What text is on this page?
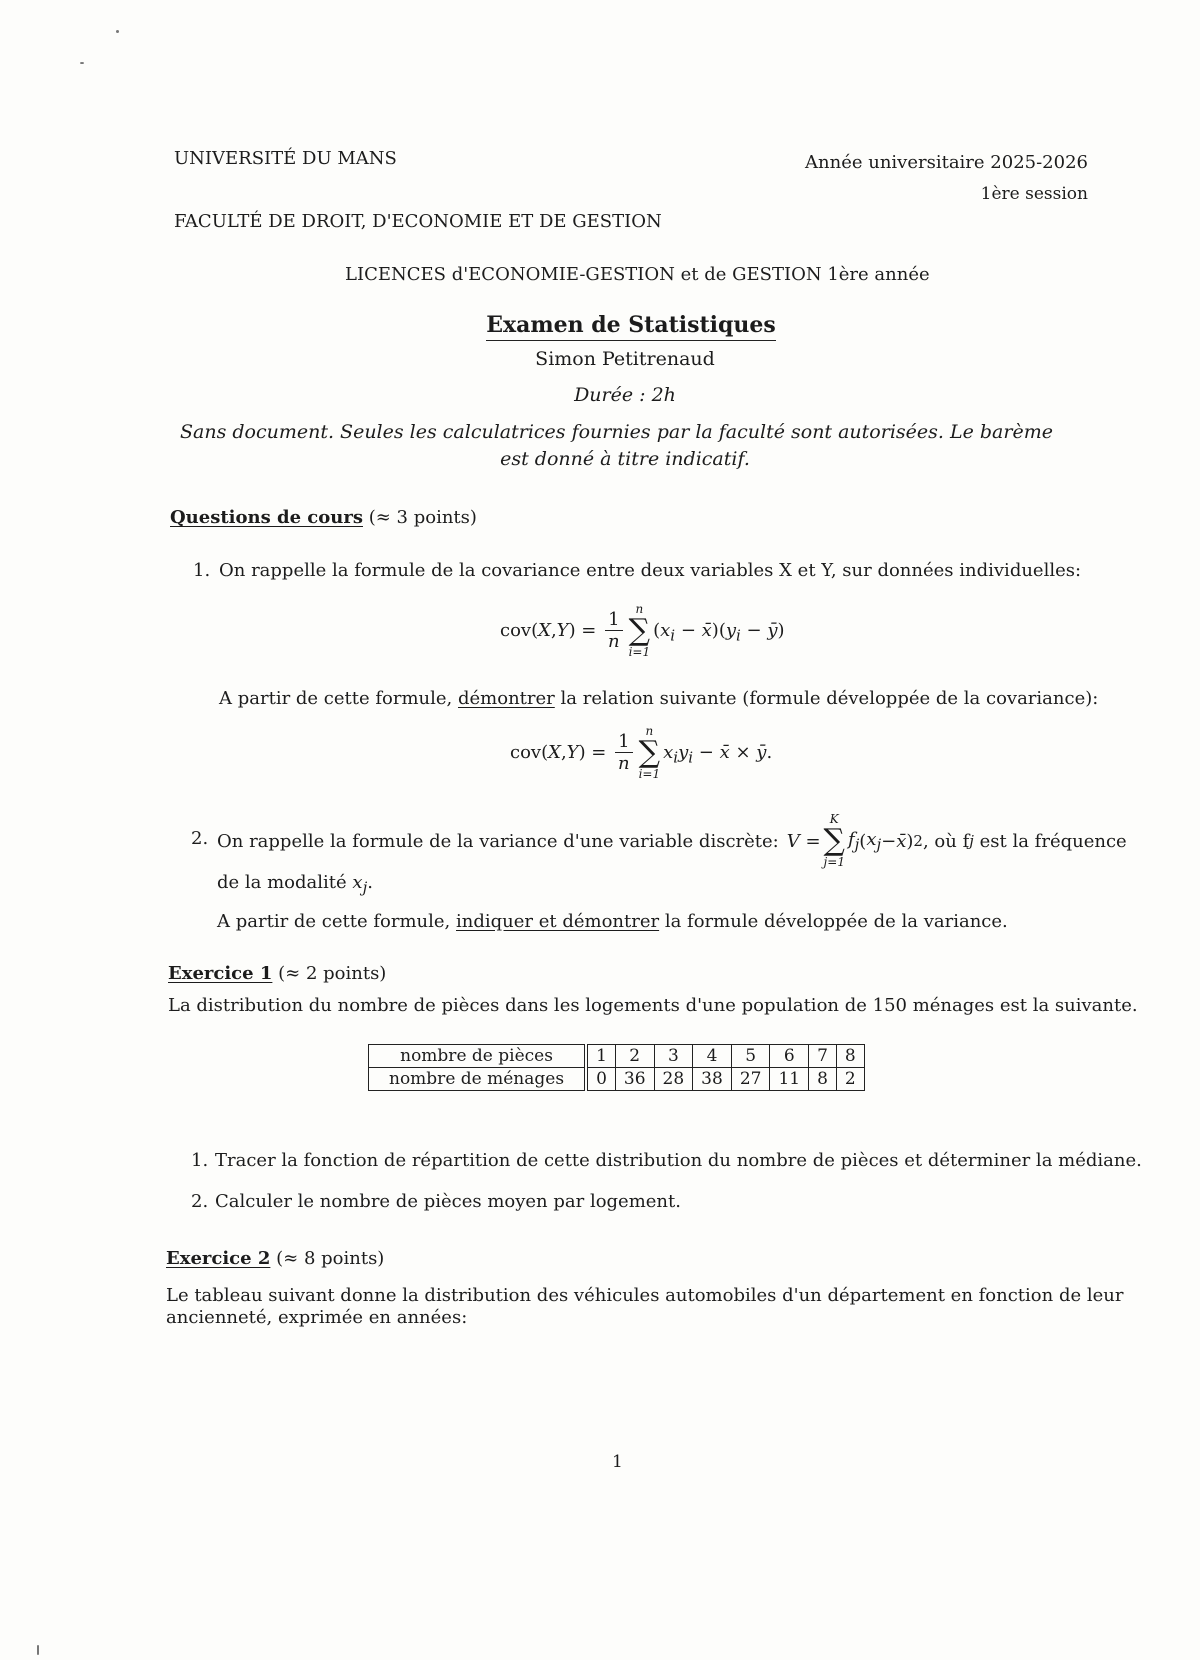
UNIVERSITÉ DU MANS	Année universitaire 2025-2026
1ère session
FACULTÉ DE DROIT, D'ECONOMIE ET DE GESTION
LICENCES d'ECONOMIE-GESTION et de GESTION 1ère année
Examen de Statistiques
Simon Petitrenaud
Durée : 2h
Sans document. Seules les calculatrices fournies par la faculté sont autorisées. Le barème
est donné à titre indicatif.
Questions de cours (≈ 3 points)
1. On rappelle la formule de la covariance entre deux variables X et Y, sur données individuelles:
$cov(X,Y) = \frac{1}{n}$
n
∑
i=1
($x_i$ − $x̄)(y_i$ − ȳ)
A partir de cette formule, démontrer la relation suivante (formule développée de la covariance):
$cov(X,Y) = \frac{1}{n}$
n
∑
i=1
$x_iy_i$ − x̄ × ȳ.
2. On rappelle la formule de la variance d'une variable discrète: V =
K
∑
j=1
$f_j$ ( $x_j$ − x̄ ) 2 , où f j
est la fréquence
de la modalité $x_j$.
A partir de cette formule, indiquer et démontrer la formule développée de la variance.
Exercice 1 (≈ 2 points)
La distribution du nombre de pièces dans les logements d'une population de 150 ménages est la suivante.
nombre de pièces	1	2	3	4	5	6	7	8
nombre de ménages	0	36	28	38	27	11	8	2
1. Tracer la fonction de répartition de cette distribution du nombre de pièces et déterminer la médiane.
2. Calculer le nombre de pièces moyen par logement.
Exercice 2 (≈ 8 points)
Le tableau suivant donne la distribution des véhicules automobiles d'un département en fonction de leur
ancienneté, exprimée en années:
1
